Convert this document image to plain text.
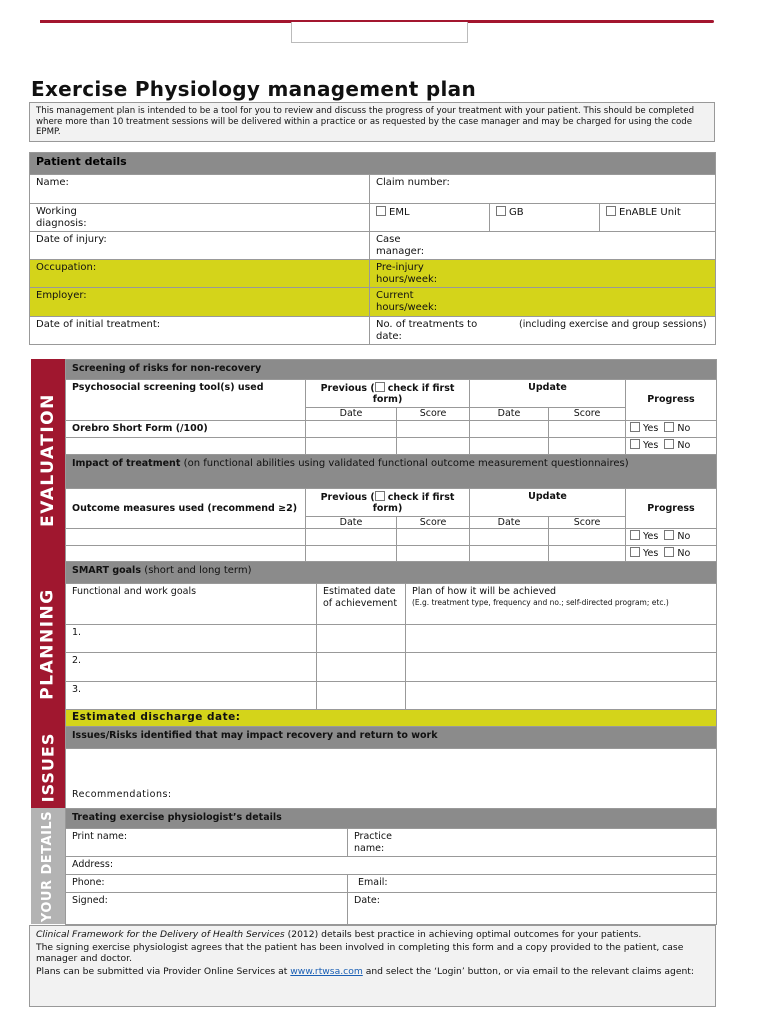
Exercise Physiology management plan
This management plan is intended to be a tool for you to review and discuss the progress of your treatment with your patient. This should be completed where more than 10 treatment sessions will be delivered within a practice or as requested by the case manager and may be charged for using the code EPMP.
Patient details			
Name:	Claim number:		

Working diagnosis:	EML	GB	EnABLE Unit
Date of injury:	Case manager:		

Occupation:	Pre-injury hours/week:		

Employer:	Current hours/week:		

Date of initial treatment:	No. of treatments to date:
(including exercise and group sessions)		
EVALUATION
PLANNING
ISSUES
YOUR DETAILS
Screening of risks for non-recovery					
Psychosocial screening tool(s) used	Previous ( check if first form)		Update		Progress
	Date	Score	Date	Score	
Orebro Short Form (/100)					Yes No
					Yes No
Impact of treatment (on functional abilities using validated functional outcome measurement questionnaires)					
Outcome measures used (recommend ≥2)	Previous ( check if first form)		Update		Progress
	Date	Score	Date	Score	
					Yes No
					Yes No
SMART goals (short and long term)		
Functional and work goals	Estimated date of achievement	Plan of how it will be achieved
(E.g. treatment type, frequency and no.; self-directed program; etc.)

1.		
2.		
3.		
Estimated discharge date:		
Issues/Risks identified that may impact recovery and return to work
Recommendations:
Treating exercise physiologist’s details	

Print name:	Practice name:

Address:	
Phone:	Email:
Signed:	Date:

Clinical Framework for the Delivery of Health Services (2012) details best practice in achieving optimal outcomes for your patients.

The signing exercise physiologist agrees that the patient has been involved in completing this form and a copy provided to the patient, case manager and doctor.

Plans can be submitted via Provider Online Services at www.rtwsa.com and select the ‘Login’ button, or via email to the relevant claims agent:
